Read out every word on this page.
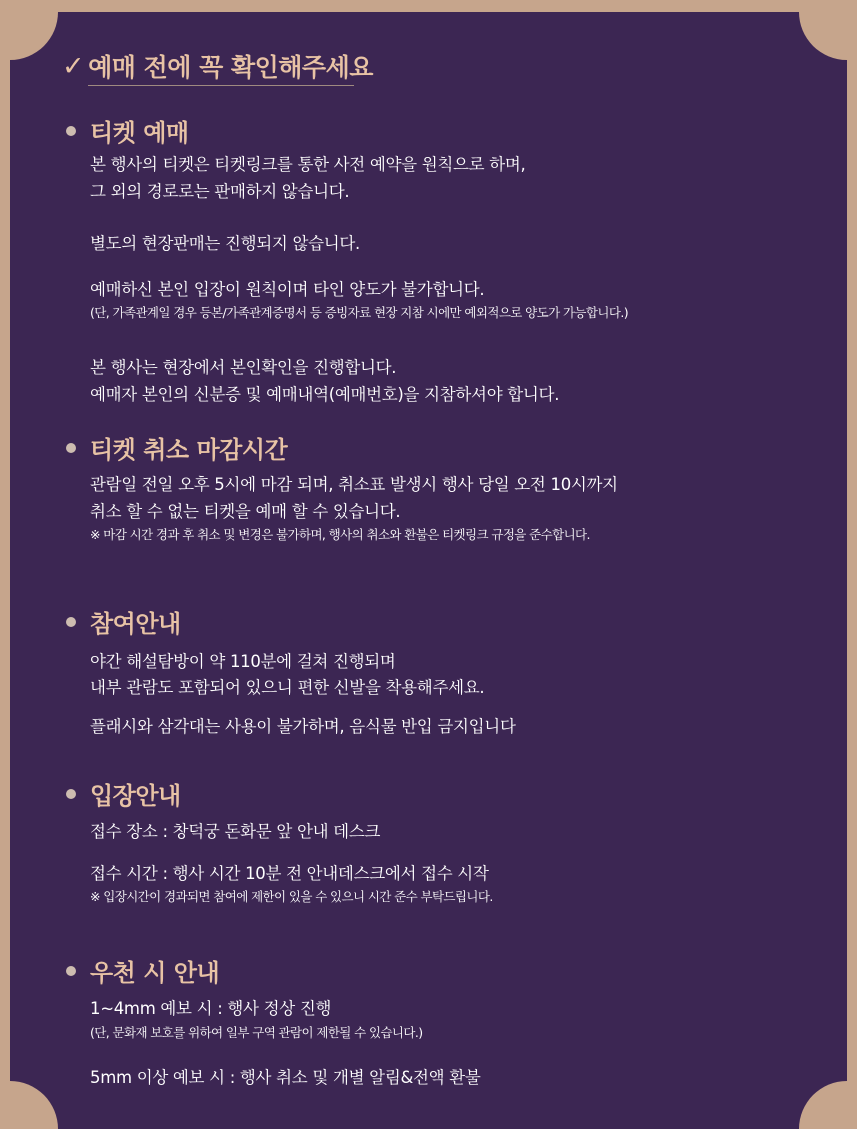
✓ 예매 전에 꼭 확인해주세요
티켓 예매
본 행사의 티켓은 티켓링크를 통한 사전 예약을 원칙으로 하며,
그 외의 경로로는 판매하지 않습니다.
별도의 현장판매는 진행되지 않습니다.
예매하신 본인 입장이 원칙이며 타인 양도가 불가합니다.
(단, 가족관계일 경우 등본/가족관계증명서 등 증빙자료 현장 지참 시에만 예외적으로 양도가 가능합니다.)
본 행사는 현장에서 본인확인을 진행합니다.
예매자 본인의 신분증 및 예매내역(예매번호)을 지참하셔야 합니다.
티켓 취소 마감시간
관람일 전일 오후 5시에 마감 되며, 취소표 발생시 행사 당일 오전 10시까지
취소 할 수 없는 티켓을 예매 할 수 있습니다.
※ 마감 시간 경과 후 취소 및 변경은 불가하며, 행사의 취소와 환불은 티켓링크 규정을 준수합니다.
참여안내
야간 해설탐방이 약 110분에 걸쳐 진행되며
내부 관람도 포함되어 있으니 편한 신발을 착용해주세요.
플래시와 삼각대는 사용이 불가하며, 음식물 반입 금지입니다
입장안내
접수 장소 : 창덕궁 돈화문 앞 안내 데스크
접수 시간 : 행사 시간 10분 전 안내데스크에서 접수 시작
※ 입장시간이 경과되면 참여에 제한이 있을 수 있으니 시간 준수 부탁드립니다.
우천 시 안내
1~4mm 예보 시 : 행사 정상 진행
(단, 문화재 보호를 위하여 일부 구역 관람이 제한될 수 있습니다.)
5mm 이상 예보 시 : 행사 취소 및 개별 알림&전액 환불
